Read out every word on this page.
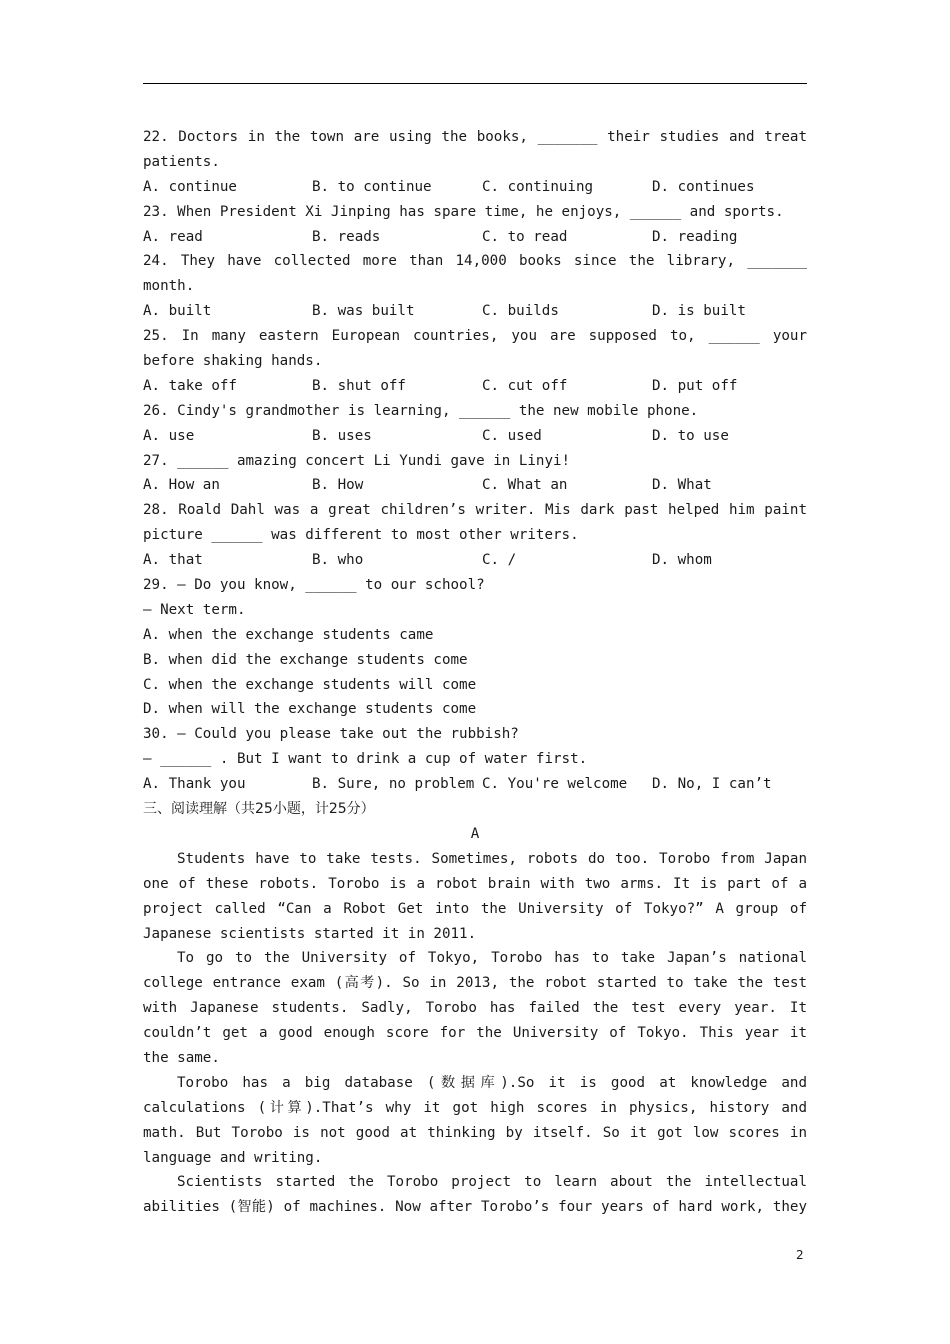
22. Doctors in the town are using the books, _______ their studies and treat
patients.
A. continue	B. to continue	C. continuing	D. continues
23. When President Xi Jinping has spare time, he enjoys, ______ and sports.
A. read	B. reads	C. to read	D. reading
24. They have collected more than 14,000 books since the library, _______
month.
A. built	B. was built	C. builds	D. is built
25. In many eastern European countries, you are supposed to, ______ your
before shaking hands.
A. take off	B. shut off	C. cut off	D. put off
26. Cindy's grandmother is learning, ______ the new mobile phone.
A. use	B. uses	C. used	D. to use
27. ______ amazing concert Li Yundi gave in Linyi!
A. How an	B. How	C. What an	D. What
28. Roald Dahl was a great children’s writer. Mis dark past helped him paint
picture ______ was different to most other writers.
A. that	B. who	C. /	D. whom
29. — Do you know, ______ to our school?
— Next term.
A. when the exchange students came
B. when did the exchange students come
C. when the exchange students will come
D. when will the exchange students come
30. — Could you please take out the rubbish?
— ______ . But I want to drink a cup of water first.
A. Thank you	B. Sure, no problem C. You're welcome	D. No, I can’t
三、阅读理解（共25小题，计25分）
A
Students have to take tests. Sometimes, robots do too. Torobo from Japan
one of these robots. Torobo is a robot brain with two arms. It is part of a
project called “Can a Robot Get into the University of Tokyo?” A group of
Japanese scientists started it in 2011.
To go to the University of Tokyo, Torobo has to take Japan’s national
college entrance exam (高考). So in 2013, the robot started to take the test
with Japanese students. Sadly, Torobo has failed the test every year. It
couldn’t get a good enough score for the University of Tokyo. This year it
the same.
Torobo has a big database (数据库).So it is good at knowledge and
calculations (计算).That’s why it got high scores in physics, history and
math. But Torobo is not good at thinking by itself. So it got low scores in
language and writing.
Scientists started the Torobo project to learn about the intellectual
abilities (智能) of machines. Now after Torobo’s four years of hard work, they
2
